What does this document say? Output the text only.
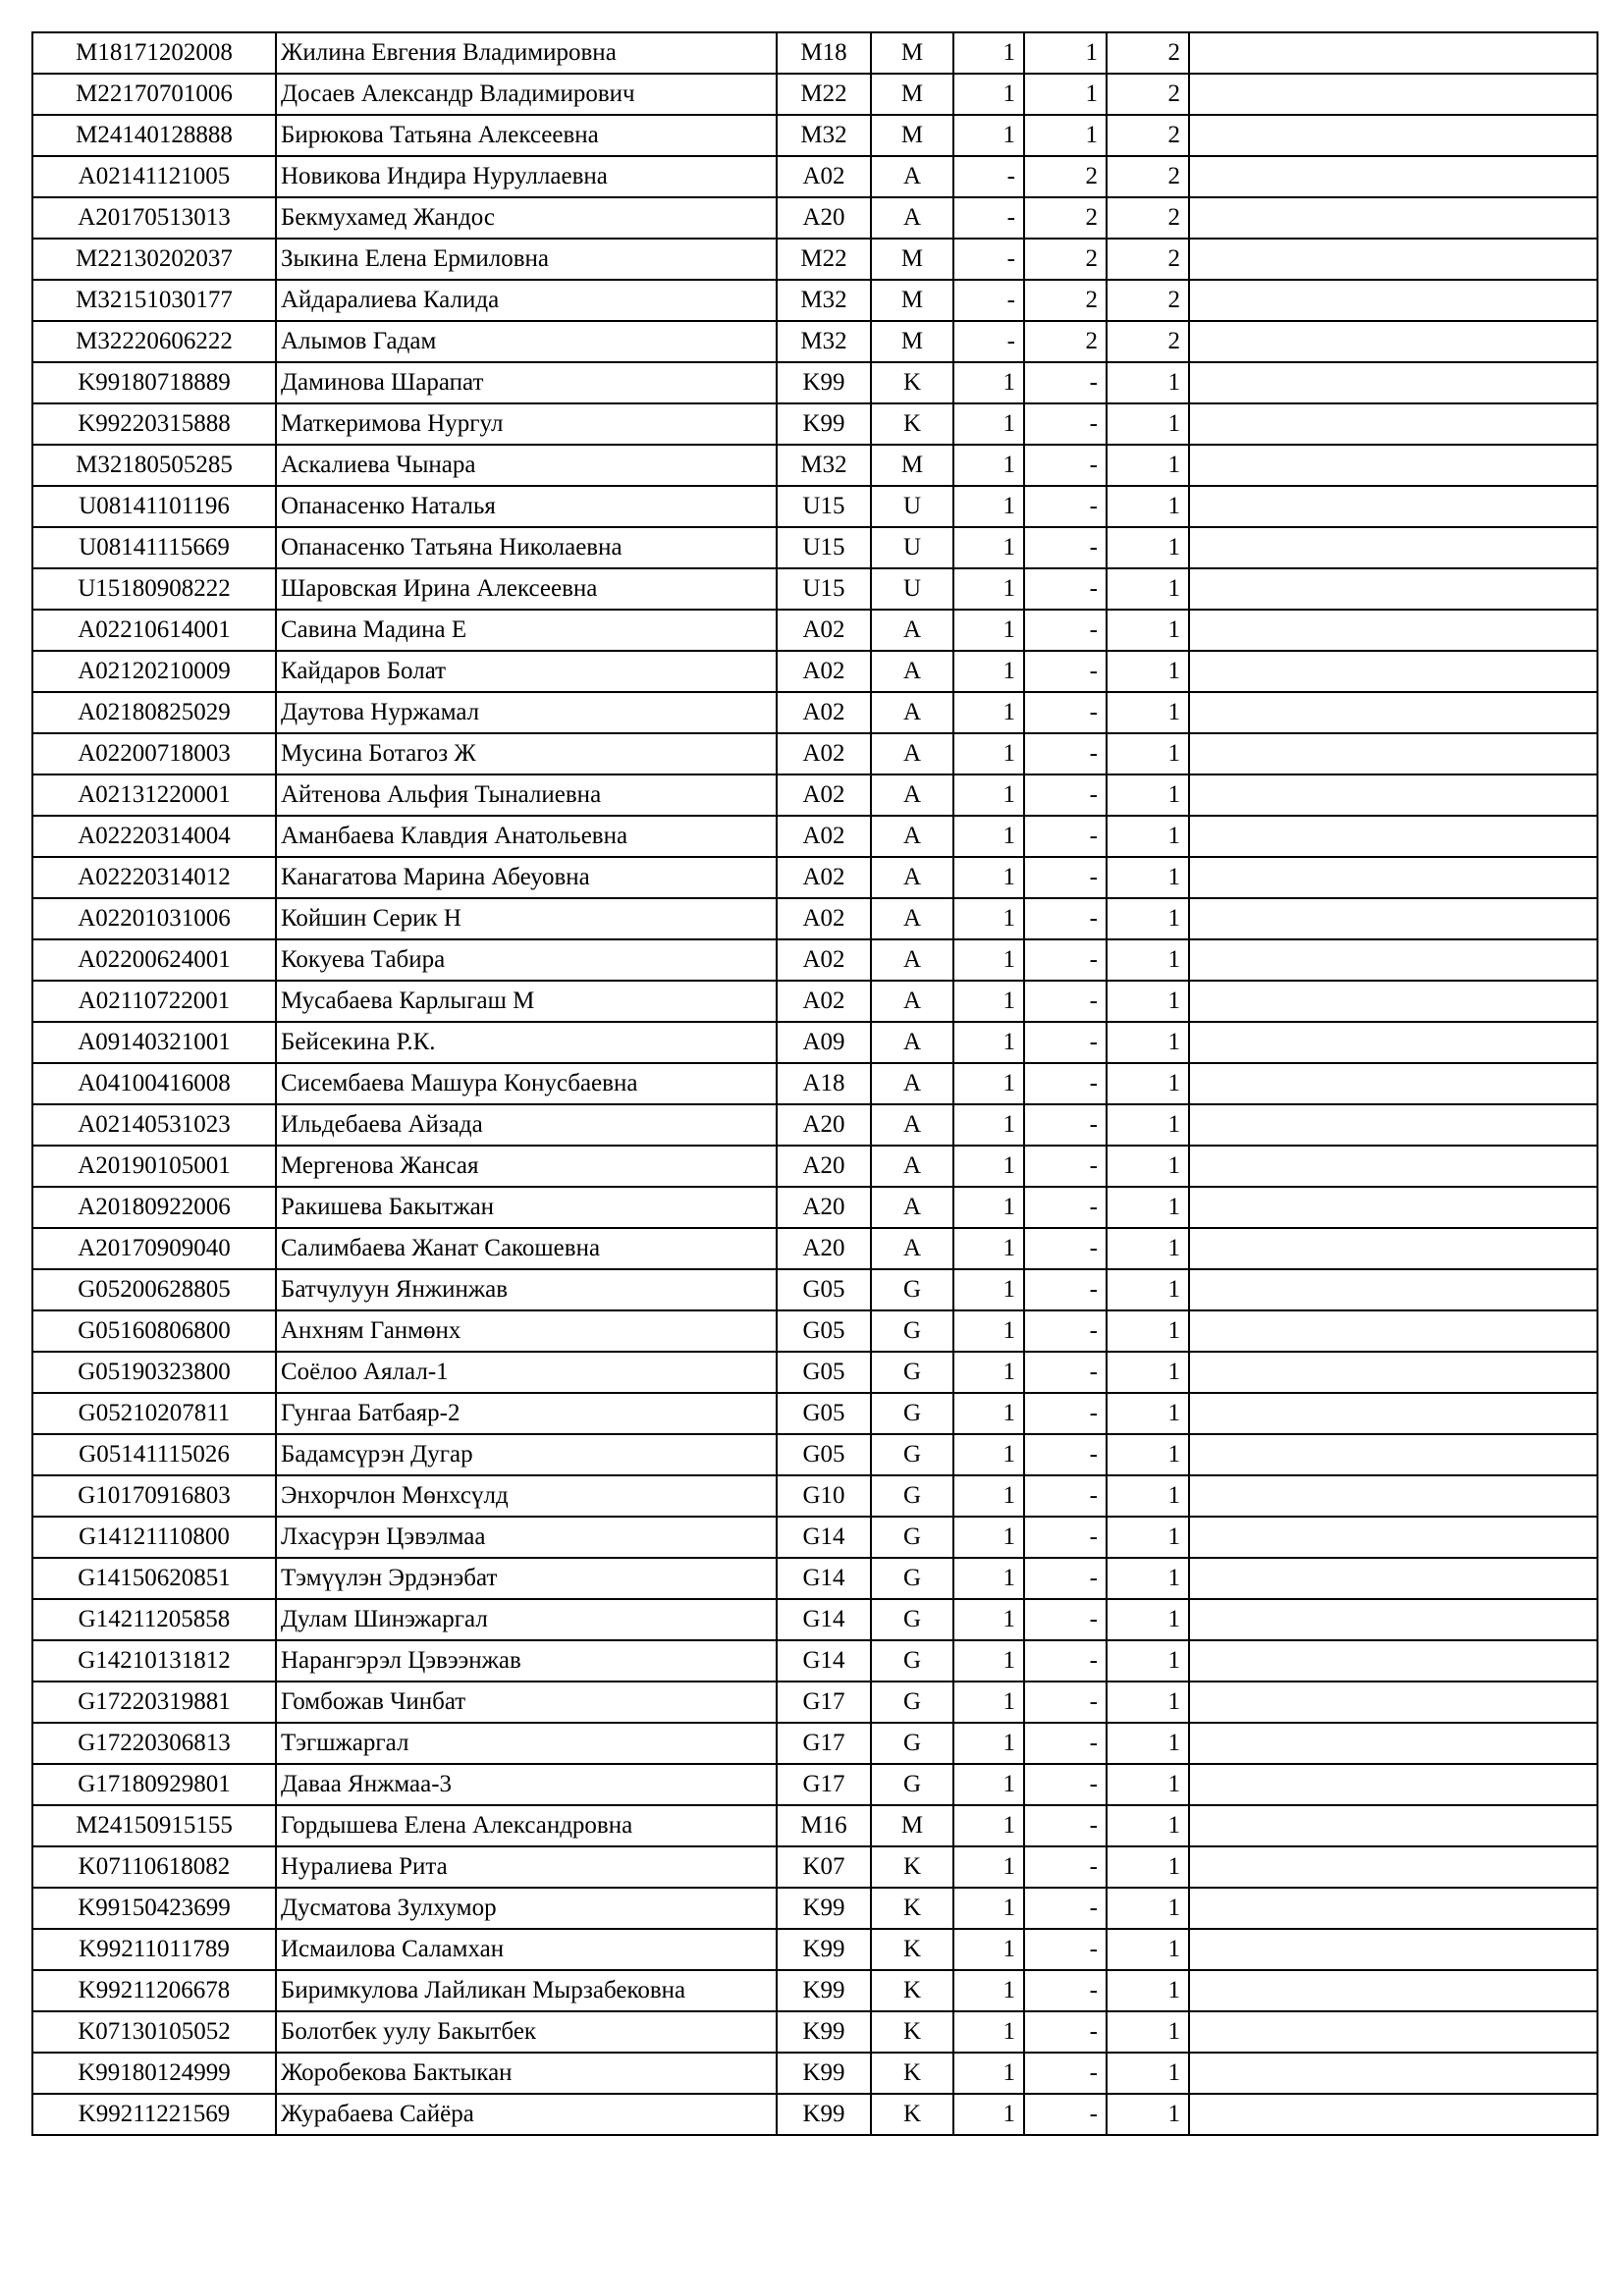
M18171202008	Жилина Евгения Владимировна	M18	M	1	1	2	
M22170701006	Досаев Александр Владимирович	M22	M	1	1	2	
M24140128888	Бирюкова Татьяна Алексеевна	M32	M	1	1	2	
A02141121005	Новикова Индира Нуруллаевна	A02	A	-	2	2	
A20170513013	Бекмухамед Жандос	A20	A	-	2	2	
M22130202037	Зыкина Елена Ермиловна	M22	M	-	2	2	
M32151030177	Айдаралиева Калида	M32	M	-	2	2	
M32220606222	Алымов Гадам	M32	M	-	2	2	
K99180718889	Даминова Шарапат	K99	K	1	-	1	
K99220315888	Маткеримова Нургул	K99	K	1	-	1	
M32180505285	Аскалиева Чынара	M32	M	1	-	1	
U08141101196	Опанасенко Наталья	U15	U	1	-	1	
U08141115669	Опанасенко Татьяна Николаевна	U15	U	1	-	1	
U15180908222	Шаровская Ирина Алексеевна	U15	U	1	-	1	
A02210614001	Савина Мадина Е	A02	A	1	-	1	
A02120210009	Кайдаров Болат	A02	A	1	-	1	
A02180825029	Даутова Нуржамал	A02	A	1	-	1	
A02200718003	Мусина Ботагоз Ж	A02	A	1	-	1	
A02131220001	Айтенова Альфия Тыналиевна	A02	A	1	-	1	
A02220314004	Аманбаева Клавдия Анатольевна	A02	A	1	-	1	
A02220314012	Канагатова Марина Абеуовна	A02	A	1	-	1	
A02201031006	Койшин Серик Н	A02	A	1	-	1	
A02200624001	Кокуева Табира	A02	A	1	-	1	
A02110722001	Мусабаева Карлыгаш М	A02	A	1	-	1	
A09140321001	Бейсекина Р.К.	A09	A	1	-	1	
A04100416008	Сисембаева Машура Конусбаевна	A18	A	1	-	1	
A02140531023	Ильдебаева Айзада	A20	A	1	-	1	
A20190105001	Мергенова Жансая	A20	A	1	-	1	
A20180922006	Ракишева Бакытжан	A20	A	1	-	1	
A20170909040	Салимбаева Жанат Сакошевна	A20	A	1	-	1	
G05200628805	Батчулуун Янжинжав	G05	G	1	-	1	
G05160806800	Анхням Ганмөнх	G05	G	1	-	1	
G05190323800	Соёлоо Аялал-1	G05	G	1	-	1	
G05210207811	Гунгаа Батбаяр-2	G05	G	1	-	1	
G05141115026	Бадамсүрэн Дугар	G05	G	1	-	1	
G10170916803	Энхорчлон Мөнхсүлд	G10	G	1	-	1	
G14121110800	Лхасүрэн Цэвэлмаа	G14	G	1	-	1	
G14150620851	Тэмүүлэн Эрдэнэбат	G14	G	1	-	1	
G14211205858	Дулам Шинэжаргал	G14	G	1	-	1	
G14210131812	Нарангэрэл Цэвээнжав	G14	G	1	-	1	
G17220319881	Гомбожав Чинбат	G17	G	1	-	1	
G17220306813	Тэгшжаргал	G17	G	1	-	1	
G17180929801	Даваа Янжмаа-3	G17	G	1	-	1	
M24150915155	Гордышева Елена Александровна	M16	M	1	-	1	
K07110618082	Нуралиева Рита	K07	K	1	-	1	
K99150423699	Дусматова Зулхумор	K99	K	1	-	1	
K99211011789	Исмаилова Саламхан	K99	K	1	-	1	
K99211206678	Биримкулова Лайликан Мырзабековна	K99	K	1	-	1	
K07130105052	Болотбек уулу Бакытбек	K99	K	1	-	1	
K99180124999	Жоробекова Бактыкан	K99	K	1	-	1	
K99211221569	Журабаева Сайёра	K99	K	1	-	1	
